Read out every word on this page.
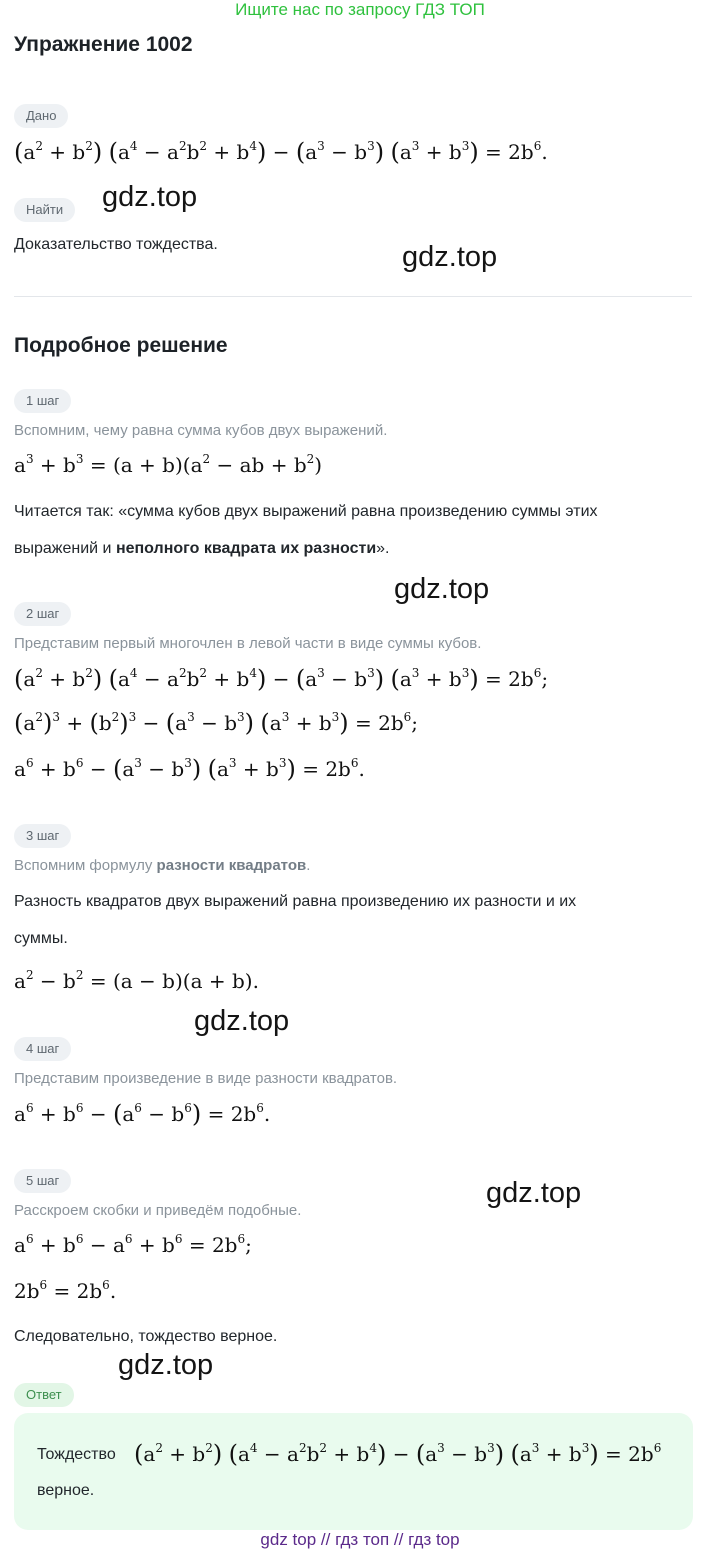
Ищите нас по запросу ГДЗ ТОП
Упражнение 1002
Дано
$(a^2 + b^2) (a^4 - a^2b^2 + b^4) - (a^3 - b^3) (a^3 + b^3) = 2b^6$.
Найти	gdz.top
Доказательство тождества.	gdz.top
Подробное решение
1 шаг
Вспомним, чему равна сумма кубов двух выражений.
$a^3 + b^3 = (a + b)(a^2$ − ab + $b^2$)
Читается так: «сумма кубов двух выражений равна произведению суммы этих
выражений и неполного квадрата их разности».
gdz.top
2 шаг
Представим первый многочлен в левой части в виде суммы кубов.
$(a^2 + b^2) (a^4 - a^2b^2 + b^4) - (a^3 - b^3) (a^3 + b^3) = 2b^6$;
$(a^2)^3 + (b^2)^3 - (a^3 - b^3) (a^3 + b^3) = 2b^6$;
$a^6 + b^6 - (a^3 - b^3) (a^3 + b^3) = 2b^6$.
3 шаг
Вспомним формулу разности квадратов.
Разность квадратов двух выражений равна произведению их разности и их
суммы.
$a^2 - b^2 = (a - b)(a + b)$.
gdz.top
4 шаг
Представим произведение в виде разности квадратов.
$a^6 + b^6 - (a^6 - b^6) = 2b^6$.
5 шаг	gdz.top
Расскроем скобки и приведём подобные.
$a^6 + b^6 - a^6 + b^6 = 2b^6$;
$2b^6 = 2b^6$.
Следовательно, тождество верное.
gdz.top
Ответ
Тождество $(a^2 + b^2) (a^4 - a^2b^2 + b^4) - (a^3 - b^3) (a^3 + b^3) = 2b^6$
верное.
gdz top // гдз топ // гдз top
